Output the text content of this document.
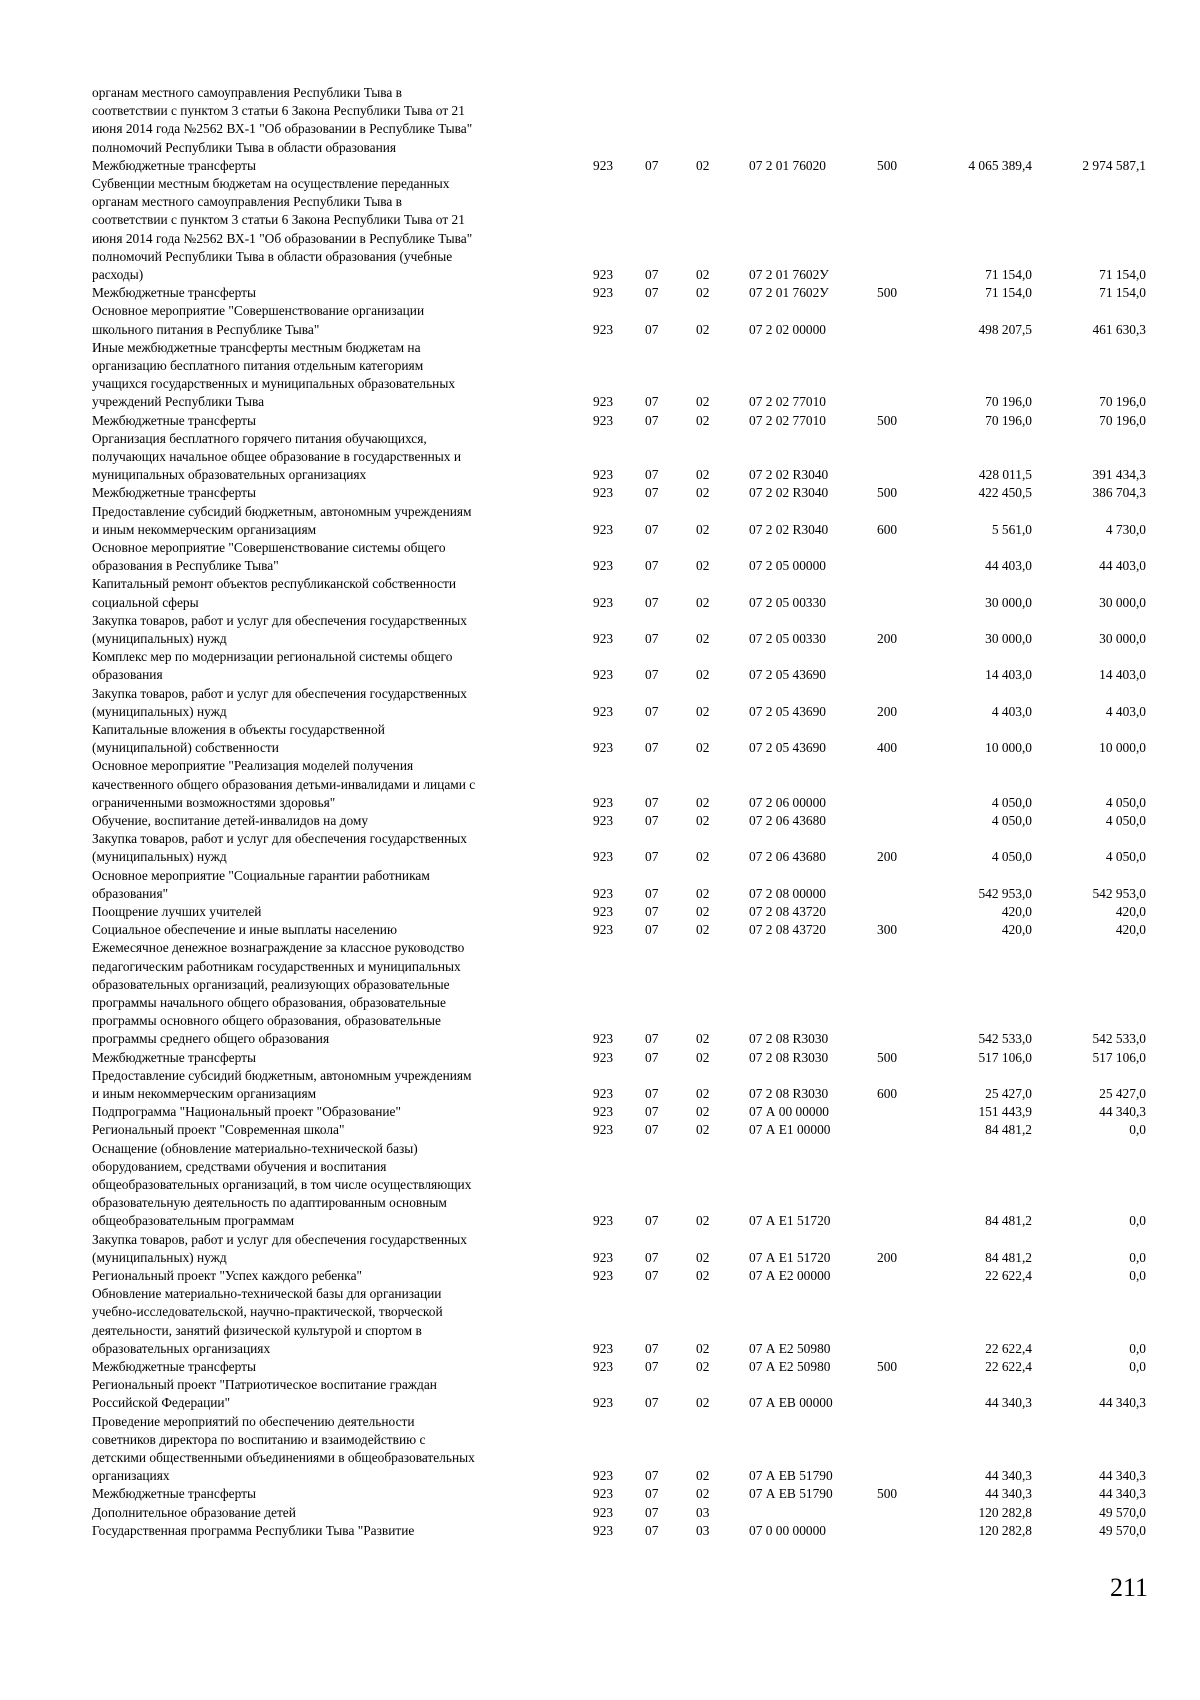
органам местного самоуправления Республики Тыва в
соответствии с пунктом 3 статьи 6 Закона Республики Тыва от 21
июня 2014 года №2562 ВХ-1 "Об образовании в Республике Тыва"
полномочий Республики Тыва в области образования
Межбюджетные трансферты	923	07	02	07 2 01 76020	500	4 065 389,4	2 974 587,1
Субвенции местным бюджетам на осуществление переданных
органам местного самоуправления Республики Тыва в
соответствии с пунктом 3 статьи 6 Закона Республики Тыва от 21
июня 2014 года №2562 ВХ-1 "Об образовании в Республике Тыва"
полномочий Республики Тыва в области образования (учебные
расходы)	923	07	02	07 2 01 7602У	71 154,0	71 154,0
Межбюджетные трансферты	923	07	02	07 2 01 7602У	500	71 154,0	71 154,0
Основное мероприятие "Совершенствование организации
школьного питания в Республике Тыва"	923	07	02	07 2 02 00000	498 207,5	461 630,3
Иные межбюджетные трансферты местным бюджетам на
организацию бесплатного питания отдельным категориям
учащихся государственных и муниципальных образовательных
учреждений Республики Тыва	923	07	02	07 2 02 77010	70 196,0	70 196,0
Межбюджетные трансферты	923	07	02	07 2 02 77010	500	70 196,0	70 196,0
Организация бесплатного горячего питания обучающихся,
получающих начальное общее образование в государственных и
муниципальных образовательных организациях	923	07	02	07 2 02 R3040	428 011,5	391 434,3
Межбюджетные трансферты	923	07	02	07 2 02 R3040	500	422 450,5	386 704,3
Предоставление субсидий бюджетным, автономным учреждениям
и иным некоммерческим организациям	923	07	02	07 2 02 R3040	600	5 561,0	4 730,0
Основное мероприятие "Совершенствование системы общего
образования в Республике Тыва"	923	07	02	07 2 05 00000	44 403,0	44 403,0
Капитальный ремонт объектов республиканской собственности
социальной сферы	923	07	02	07 2 05 00330	30 000,0	30 000,0
Закупка товаров, работ и услуг для обеспечения государственных
(муниципальных) нужд	923	07	02	07 2 05 00330	200	30 000,0	30 000,0
Комплекс мер по модернизации региональной системы общего
образования	923	07	02	07 2 05 43690	14 403,0	14 403,0
Закупка товаров, работ и услуг для обеспечения государственных
(муниципальных) нужд	923	07	02	07 2 05 43690	200	4 403,0	4 403,0
Капитальные вложения в объекты государственной
(муниципальной) собственности	923	07	02	07 2 05 43690	400	10 000,0	10 000,0
Основное мероприятие "Реализация моделей получения
качественного общего образования детьми-инвалидами и лицами с
ограниченными возможностями здоровья"	923	07	02	07 2 06 00000	4 050,0	4 050,0
Обучение, воспитание детей-инвалидов на дому	923	07	02	07 2 06 43680	4 050,0	4 050,0
Закупка товаров, работ и услуг для обеспечения государственных
(муниципальных) нужд	923	07	02	07 2 06 43680	200	4 050,0	4 050,0
Основное мероприятие "Социальные гарантии работникам
образования"	923	07	02	07 2 08 00000	542 953,0	542 953,0
Поощрение лучших учителей	923	07	02	07 2 08 43720	420,0	420,0
Социальное обеспечение и иные выплаты населению	923	07	02	07 2 08 43720	300	420,0	420,0
Ежемесячное денежное вознаграждение за классное руководство
педагогическим работникам государственных и муниципальных
образовательных организаций, реализующих образовательные
программы начального общего образования, образовательные
программы основного общего образования, образовательные
программы среднего общего образования	923	07	02	07 2 08 R3030	542 533,0	542 533,0
Межбюджетные трансферты	923	07	02	07 2 08 R3030	500	517 106,0	517 106,0
Предоставление субсидий бюджетным, автономным учреждениям
и иным некоммерческим организациям	923	07	02	07 2 08 R3030	600	25 427,0	25 427,0
Подпрограмма "Национальный проект "Образование"	923	07	02	07 А 00 00000	151 443,9	44 340,3
Региональный проект "Современная школа"	923	07	02	07 А Е1 00000	84 481,2	0,0
Оснащение (обновление материально-технической базы)
оборудованием, средствами обучения и воспитания
общеобразовательных организаций, в том числе осуществляющих
образовательную деятельность по адаптированным основным
общеобразовательным программам	923	07	02	07 А Е1 51720	84 481,2	0,0
Закупка товаров, работ и услуг для обеспечения государственных
(муниципальных) нужд	923	07	02	07 А Е1 51720	200	84 481,2	0,0
Региональный проект "Успех каждого ребенка"	923	07	02	07 А Е2 00000	22 622,4	0,0
Обновление материально-технической базы для организации
учебно-исследовательской, научно-практической, творческой
деятельности, занятий физической культурой и спортом в
образовательных организациях	923	07	02	07 А Е2 50980	22 622,4	0,0
Межбюджетные трансферты	923	07	02	07 А Е2 50980	500	22 622,4	0,0
Региональный проект "Патриотическое воспитание граждан
Российской Федерации"	923	07	02	07 А ЕВ 00000	44 340,3	44 340,3
Проведение мероприятий по обеспечению деятельности
советников директора по воспитанию и взаимодействию с
детскими общественными объединениями в общеобразовательных
организациях	923	07	02	07 А ЕВ 51790	44 340,3	44 340,3
Межбюджетные трансферты	923	07	02	07 А ЕВ 51790	500	44 340,3	44 340,3
Дополнительное образование детей	923	07	03	120 282,8	49 570,0
Государственная программа Республики Тыва "Развитие	923	07	03	07 0 00 00000	120 282,8	49 570,0
211
